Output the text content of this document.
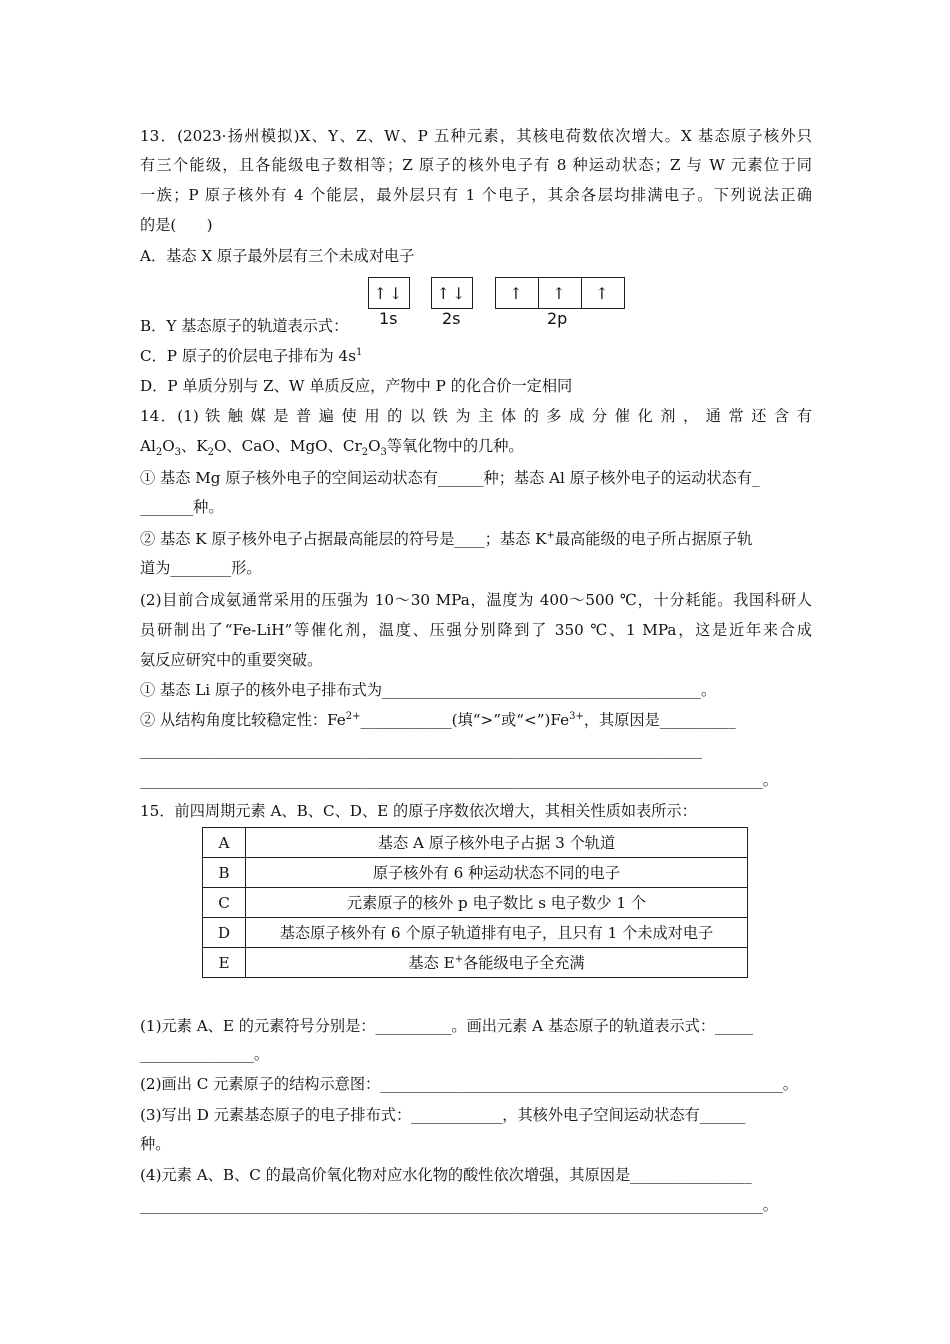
13．(2023·扬州模拟)X、Y、Z、W、P 五种元素，其核电荷数依次增大。X 基态原子核外只
有三个能级，且各能级电子数相等；Z 原子的核外电子有 8 种运动状态；Z 与 W 元素位于同
一族；P 原子核外有 4 个能层，最外层只有 1 个电子，其余各层均排满电子。下列说法正确
的是(　　)
A．基态 X 原子最外层有三个未成对电子
B．Y 基态原子的轨道表示式：
↑↓ ↑↓	↑	↑	↑
1s	2s	2p
C．P 原子的价层电子排布为 $4s^1$
D．P 单质分别与 Z、W 单质反应，产物中 P 的化合价一定相同
14．(1) 铁 触 媒 是 普 遍 使 用 的 以 铁 为 主 体 的 多 成 分 催 化 剂 ， 通 常 还 含 有
$Al_2O_3$、$K_2O$、CaO、MgO、$Cr_2O_3$等氧化物中的几种。
① 基态 Mg 原子核外电子的空间运动状态有______种；基态 Al 原子核外电子的运动状态有_
_______种。
② 基态 K 原子核外电子占据最高能层的符号是____；基态 K+最高能级的电子所占据原子轨
道为________形。
(2)目前合成氨通常采用的压强为 10～30 MPa，温度为 400～500 ℃，十分耗能。我国科研人
员研制出了“Fe-LiH”等催化剂，温度、压强分别降到了 350 ℃、1 MPa，这是近年来合成
氨反应研究中的重要突破。
① 基态 Li 原子的核外电子排布式为__________________________________________。
② 从结构角度比较稳定性：$Fe^{2+}\_\_\_\_\_\_\_\_\_\_\_\_$(填“>”或“$<”)Fe^{3+}$，其原因是__________
__________________________________________________________________________
__________________________________________________________________________________。
15．前四周期元素 A、B、C、D、E 的原子序数依次增大，其相关性质如表所示：
A	基态 A 原子核外电子占据 3 个轨道
B	原子核外有 6 种运动状态不同的电子
C	元素原子的核外 p 电子数比 s 电子数少 1 个
D	基态原子核外有 6 个原子轨道排有电子，且只有 1 个未成对电子
E	基态 E+各能级电子全充满
(1)元素 A、E 的元素符号分别是：__________。画出元素 A 基态原子的轨道表示式：_____
_______________。
(2)画出 C 元素原子的结构示意图：_____________________________________________________。
(3)写出 D 元素基态原子的电子排布式：____________，其核外电子空间运动状态有______
种。
(4)元素 A、B、C 的最高价氧化物对应水化物的酸性依次增强，其原因是________________
__________________________________________________________________________________。
